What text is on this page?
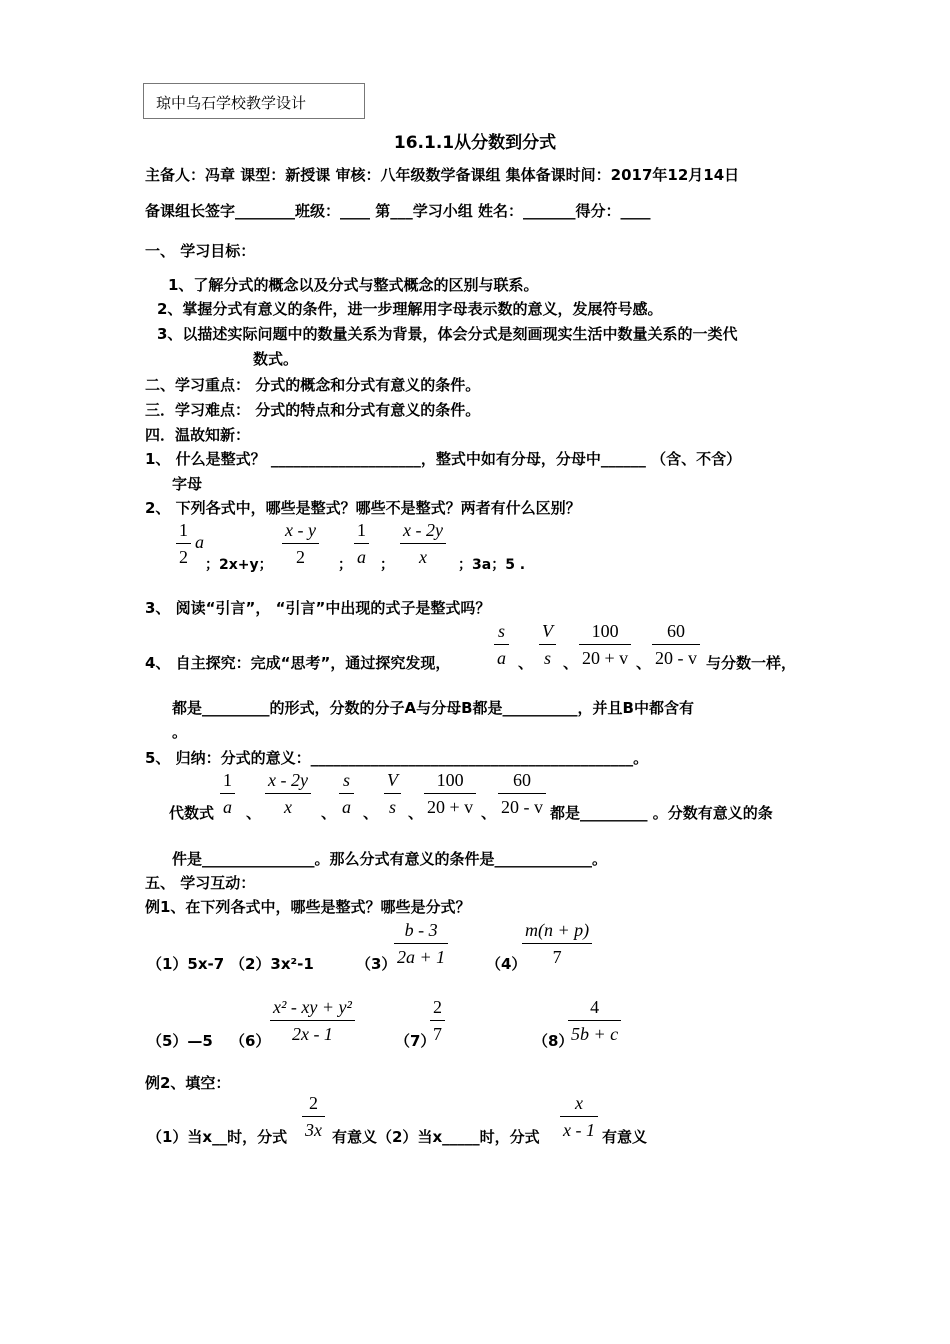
琼中乌石学校教学设计
16.1.1从分数到分式
主备人：冯章 课型：新授课 审核：八年级数学备课组 集体备课时间：2017年12月14日
备课组长签字________班级：____ 第___学习小组 姓名：_______得分：____
一、 学习目标：
1、了解分式的概念以及分式与整式概念的区别与联系。
2、掌握分式有意义的条件，进一步理解用字母表示数的意义，发展符号感。
3、以描述实际问题中的数量关系为背景，体会分式是刻画现实生活中数量关系的一类代
数式。
二、学习重点： 分式的概念和分式有意义的条件。
三．学习难点： 分式的特点和分式有意义的条件。
四．温故知新：
1、 什么是整式？ ____________________，整式中如有分母，分母中______ （含、不含）
字母
2、 下列各式中，哪些是整式？哪些不是整式？两者有什么区别？
1
2
a
；2x+y；
x - y
2 ；
1
a ；
x - 2y
x ；3a；5 .
3、 阅读“引言”， “引言”中出现的式子是整式吗？
4、 自主探究：完成“思考”，通过探究发现，
s
a 、
V
s 、
100
20 + v 、
60
20 - v 与分数一样，
都是_________的形式，分数的分子A与分母B都是__________，并且B中都含有
。
5、 归纳：分式的意义：___________________________________________。
代数式
1
a 、
x - 2y
x 、
s
a 、
V
s 、
100
20 + v 、
60
20 - v 都是_________ 。分数有意义的条
件是_______________。那么分式有意义的条件是_____________。
五、 学习互动：
例1、在下列各式中，哪些是整式？哪些是分式？
（1）5x-7 （2）3x²-1	（3）
b - 3
2a + 1	（4）
m(n + p)
7
（5）—5 （6）
x² - xy + y²
2x - 1	（7）
2
7	（8）
4
5b + c
例2、填空：
（1）当x__时，分式
2
3x 有意义（2）当x_____时，分式
x
x - 1 有意义
